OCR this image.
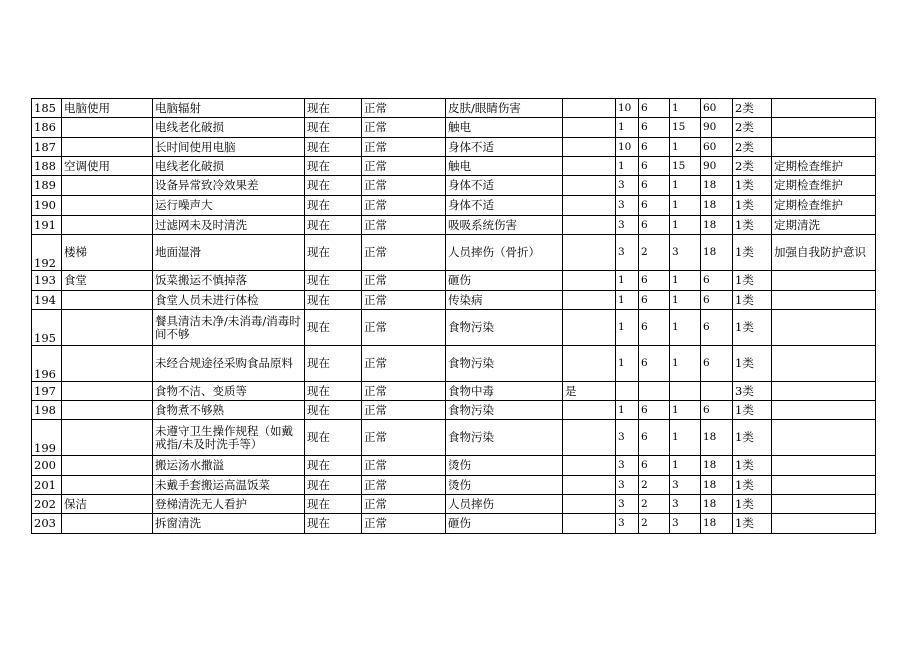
185	电脑使用	电脑辐射	现在	正常	皮肤/眼睛伤害		10	6	1	60	2类	
186		电线老化破损	现在	正常	触电		1	6	15	90	2类	
187		长时间使用电脑	现在	正常	身体不适		10	6	1	60	2类	
188	空调使用	电线老化破损	现在	正常	触电		1	6	15	90	2类	定期检查维护
189		设备异常致冷效果差	现在	正常	身体不适		3	6	1	18	1类	定期检查维护
190		运行噪声大	现在	正常	身体不适		3	6	1	18	1类	定期检查维护
191		过滤网未及时清洗	现在	正常	吸吸系统伤害		3	6	1	18	1类	定期清洗
192	楼梯	地面湿滑	现在	正常	人员摔伤（骨折）		3	2	3	18	1类	加强自我防护意识
193	食堂	饭菜搬运不慎掉落	现在	正常	砸伤		1	6	1	6	1类	
194		食堂人员未进行体检	现在	正常	传染病		1	6	1	6	1类	
195		餐具清洁未净/未消毒/消毒时间不够	现在	正常	食物污染		1	6	1	6	1类	
196		未经合规途径采购食品原料	现在	正常	食物污染		1	6	1	6	1类	
197		食物不洁、变质等	现在	正常	食物中毒	是					3类	
198		食物煮不够熟	现在	正常	食物污染		1	6	1	6	1类	
199		未遵守卫生操作规程（如戴戒指/未及时洗手等）	现在	正常	食物污染		3	6	1	18	1类	
200		搬运汤水撒溢	现在	正常	烫伤		3	6	1	18	1类	
201		未戴手套搬运高温饭菜	现在	正常	烫伤		3	2	3	18	1类	
202	保洁	登梯清洗无人看护	现在	正常	人员摔伤		3	2	3	18	1类	
203		拆窗清洗	现在	正常	砸伤		3	2	3	18	1类	
